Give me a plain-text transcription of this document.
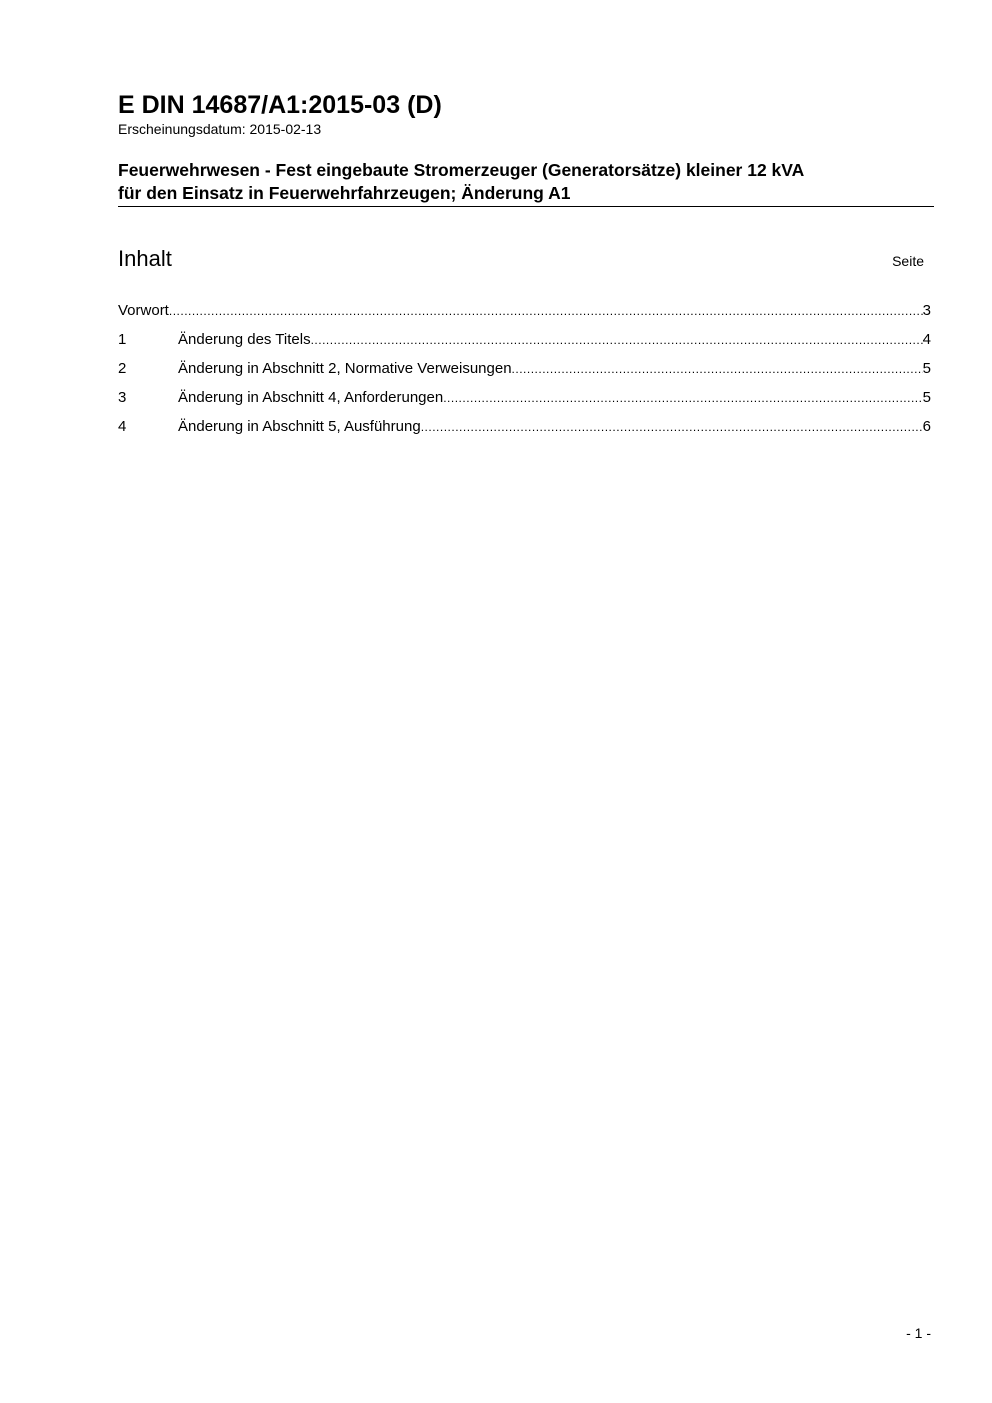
E DIN 14687/A1:2015-03 (D)
Erscheinungsdatum: 2015-02-13
Feuerwehrwesen - Fest eingebaute Stromerzeuger (Generatorsätze) kleiner 12 kVA
für den Einsatz in Feuerwehrfahrzeugen; Änderung A1
Inhalt	Seite
Vorwort .....	3
1	Änderung des Titels .....	4
2	Änderung in Abschnitt 2, Normative Verweisungen .....	5
3	Änderung in Abschnitt 4, Anforderungen .....	5
4	Änderung in Abschnitt 5, Ausführung .....	6
- 1 -
